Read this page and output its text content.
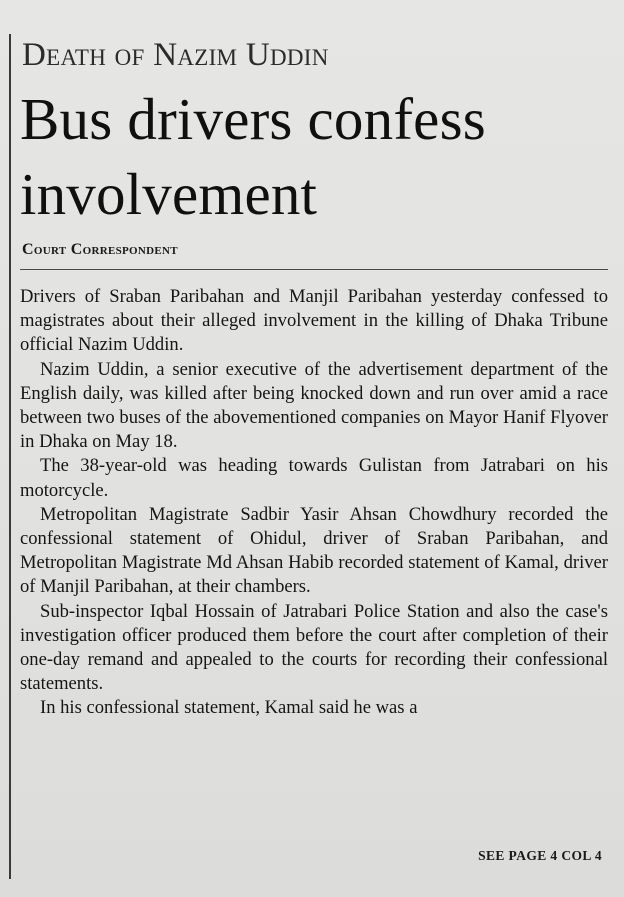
Death of Nazim Uddin
Bus drivers confess
involvement
Court Correspondent

Drivers of Sraban Paribahan and Manjil Paribahan yesterday confessed to magistrates about their alleged involvement in the killing of Dhaka Tribune official Nazim Uddin.

Nazim Uddin, a senior executive of the advertisement department of the English daily, was killed after being knocked down and run over amid a race between two buses of the abovementioned companies on Mayor Hanif Flyover in Dhaka on May 18.

The 38-year-old was heading towards Gulistan from Jatrabari on his motorcycle.

Metropolitan Magistrate Sadbir Yasir Ahsan Chowdhury recorded the confessional statement of Ohidul, driver of Sraban Paribahan, and Metropolitan Magistrate Md Ahsan Habib recorded statement of Kamal, driver of Manjil Paribahan, at their chambers.

Sub-inspector Iqbal Hossain of Jatrabari Police Station and also the case's investigation officer produced them before the court after completion of their one-day remand and appealed to the courts for recording their confessional statements.

In his confessional statement, Kamal said he was a

SEE PAGE 4 COL 4
